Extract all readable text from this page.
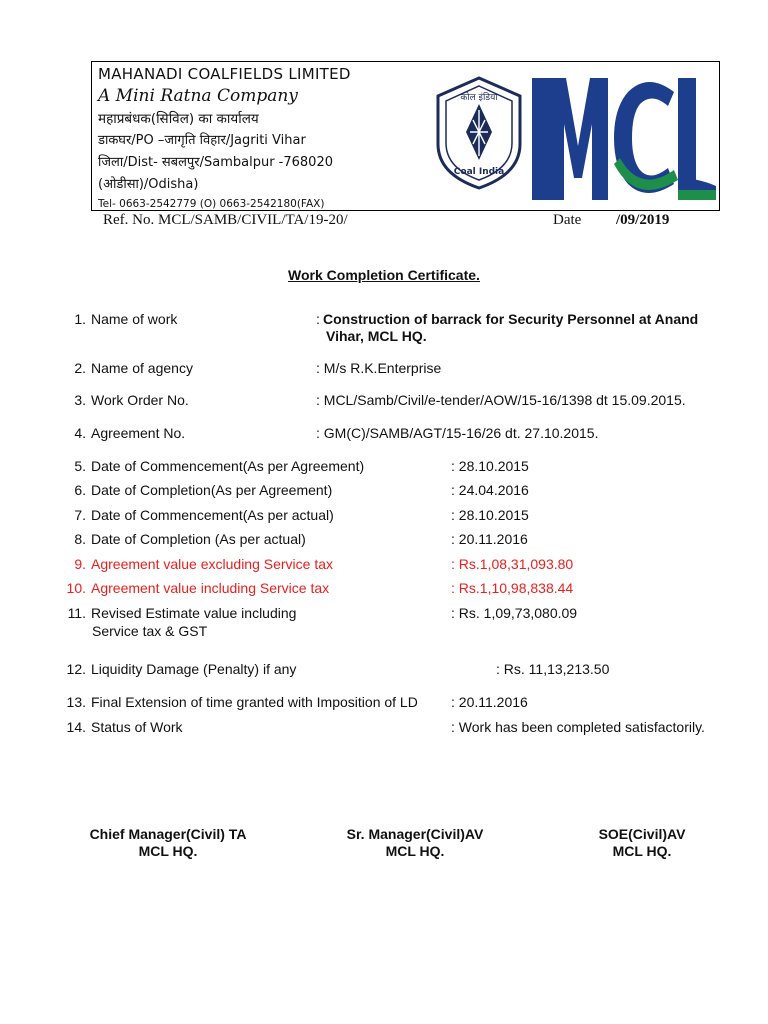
MAHANADI COALFIELDS LIMITED
A Mini Ratna Company
महाप्रबंधक(सिविल) का कार्यालय
डाकघर/PO –जागृति विहार/Jagriti Vihar
जिला/Dist- सबलपुर/Sambalpur -768020
(ओडीसा)/Odisha)
Tel- 0663-2542779 (O) 0663-2542180(FAX)
कोल इंडिया
Coal India
Ref. No. MCL/SAMB/CIVIL/TA/19-20/	Date /09/2019
Work Completion Certificate.
1. Name of work	: Construction of barrack for Security Personnel at Anand
Vihar, MCL HQ.
2. Name of agency	: M/s R.K.Enterprise
3. Work Order No.	: MCL/Samb/Civil/e-tender/AOW/15-16/1398 dt 15.09.2015.
4. Agreement No.	: GM(C)/SAMB/AGT/15-16/26 dt. 27.10.2015.
5. Date of Commencement(As per Agreement)	: 28.10.2015
6. Date of Completion(As per Agreement)	: 24.04.2016
7. Date of Commencement(As per actual)	: 28.10.2015
8. Date of Completion (As per actual)	: 20.11.2016
9. Agreement value excluding Service tax	: Rs.1,08,31,093.80
10. Agreement value including Service tax	: Rs.1,10,98,838.44
11. Revised Estimate value including
Service tax & GST
: Rs. 1,09,73,080.09
12. Liquidity Damage (Penalty) if any	: Rs. 11,13,213.50
13. Final Extension of time granted with Imposition of LD : 20.11.2016
14. Status of Work	: Work has been completed satisfactorily.
Chief Manager(Civil) TA
MCL HQ.
Sr. Manager(Civil)AV
MCL HQ.
SOE(Civil)AV
MCL HQ.
